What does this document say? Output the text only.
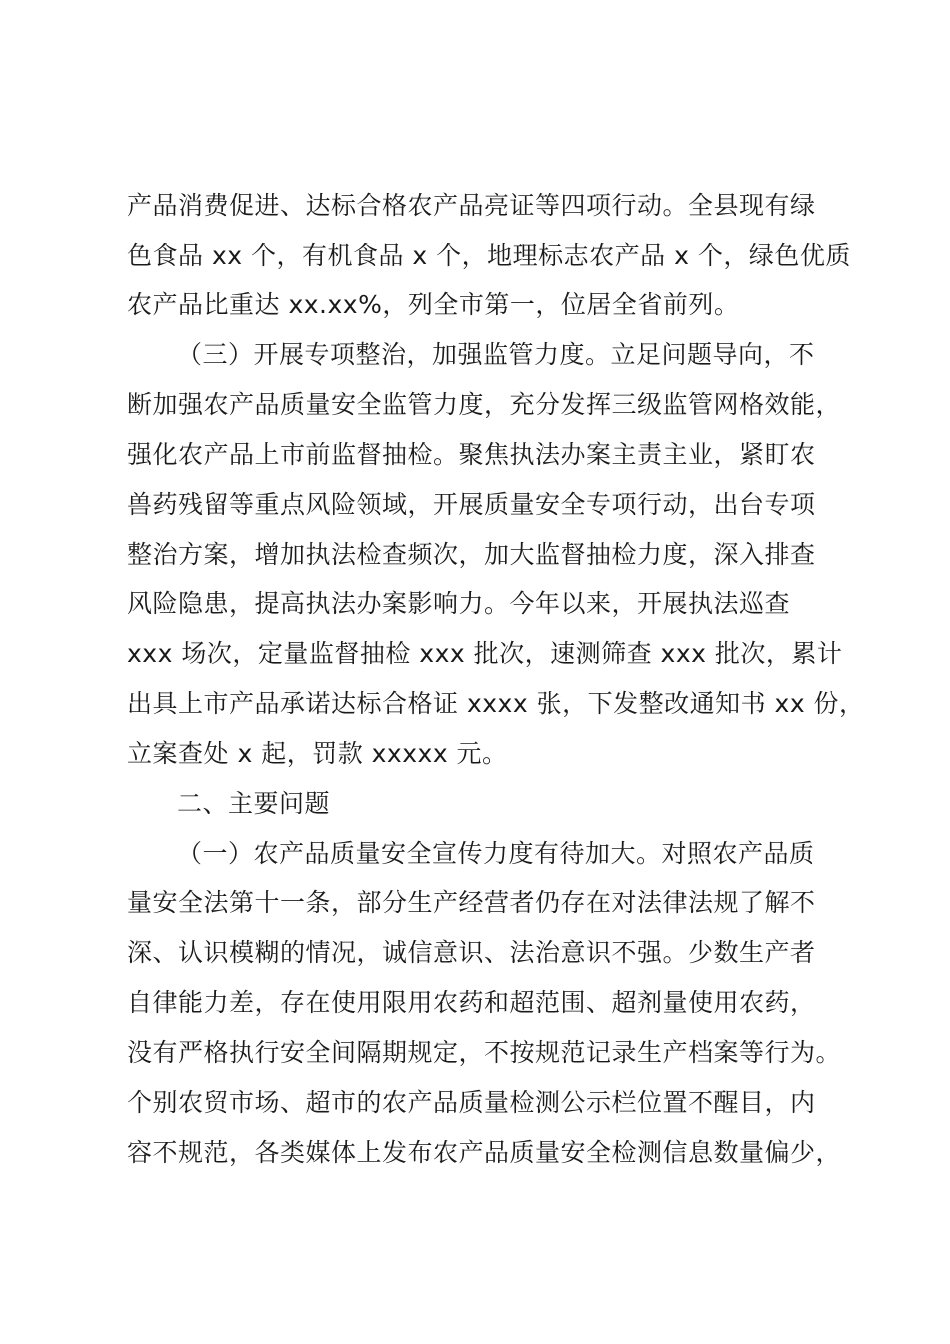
产品消费促进、达标合格农产品亮证等四项行动。全县现有绿
色食品 xx 个，有机食品 x 个，地理标志农产品 x 个，绿色优质
农产品比重达 xx.xx%，列全市第一，位居全省前列。
（三）开展专项整治，加强监管力度。立足问题导向，不
断加强农产品质量安全监管力度，充分发挥三级监管网格效能，
强化农产品上市前监督抽检。聚焦执法办案主责主业，紧盯农
兽药残留等重点风险领域，开展质量安全专项行动，出台专项
整治方案，增加执法检查频次，加大监督抽检力度，深入排查
风险隐患，提高执法办案影响力。今年以来，开展执法巡查
xxx 场次，定量监督抽检 xxx 批次，速测筛查 xxx 批次，累计
出具上市产品承诺达标合格证 xxxx 张，下发整改通知书 xx 份，
立案查处 x 起，罚款 xxxxx 元。
二、主要问题
（一）农产品质量安全宣传力度有待加大。对照农产品质
量安全法第十一条，部分生产经营者仍存在对法律法规了解不
深、认识模糊的情况，诚信意识、法治意识不强。少数生产者
自律能力差，存在使用限用农药和超范围、超剂量使用农药，
没有严格执行安全间隔期规定，不按规范记录生产档案等行为。
个别农贸市场、超市的农产品质量检测公示栏位置不醒目，内
容不规范，各类媒体上发布农产品质量安全检测信息数量偏少，
